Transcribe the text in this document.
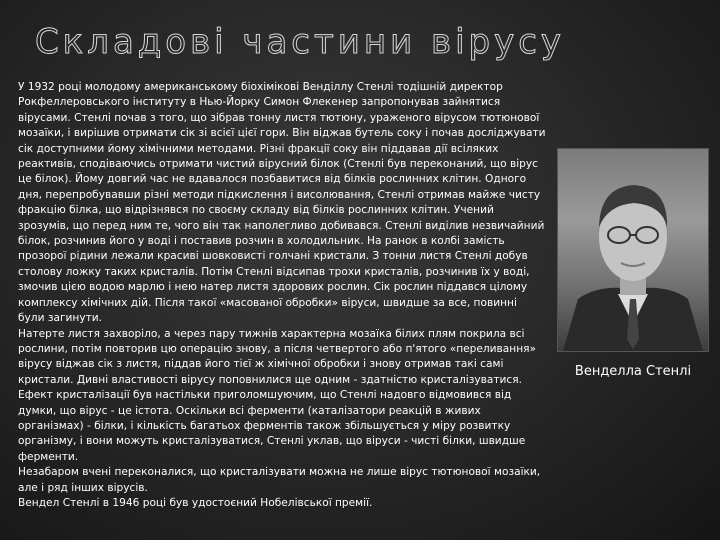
Складові частини вірусу

У 1932 році молодому американському біохімікові Венділлу Стенлі тодішній директор Рокфеллеровського інституту в Нью-Йорку Симон Флекенер запропонував зайнятися вірусами. Стенлі почав з того, що зібрав тонну листя тютюну, ураженого вірусом тютюнової мозаїки, і вирішив отримати сік зі всієї цієї гори. Він віджав бутель соку і почав досліджувати сік доступними йому хімічними методами. Різні фракції соку він піддавав дії всіляких реактивів, сподіваючись отримати чистий вірусний білок (Стенлі був переконаний, що вірус це білок). Йому довгий час не вдавалося позбавитися від білків рослинних клітин. Одного дня, перепробувавши різні методи підкислення і висолювання, Стенлі отримав майже чисту фракцію білка, що відрізнявся по своєму складу від білків рослинних клітин. Учений зрозумів, що перед ним те, чого він так наполегливо добивався. Стенлі виділив незвичайний білок, розчинив його у воді і поставив розчин в холодильник. На ранок в колбі замість прозорої рідини лежали красиві шовковисті голчані кристали. З тонни листя Стенлі добув столову ложку таких кристалів. Потім Стенлі відсипав трохи кристалів, розчинив їх у воді, змочив цією водою марлю і нею натер листя здорових рослин. Сік рослин піддався цілому комплексу хімічних дій. Після такої «масованої обробки» віруси, швидше за все, повинні були загинути.

Натерте листя захворіло, а через пару тижнів характерна мозаїка білих плям покрила всі рослини, потім повторив цю операцію знову, а після четвертого або п'ятого «переливання» вірусу віджав сік з листя, піддав його тієї ж хімічної обробки і знову отримав такі самі кристали. Дивні властивості вірусу поповнилися ще одним - здатністю кристалізуватися.

Ефект кристалізації був настільки приголомшуючим, що Стенлі надовго відмовився від думки, що вірус - це істота. Оскільки всі ферменти (каталізатори реакцій в живих організмах) - білки, і кількість багатьох ферментів також збільшується у міру розвитку організму, і вони можуть кристалізуватися, Стенлі уклав, що віруси - чисті білки, швидше ферменти.

Незабаром вчені переконалися, що кристалізувати можна не лише вірус тютюнової мозаїки, але і ряд інших вірусів.

Вендел Стенлі в 1946 році був удостоєний Нобелівської премії.

Венделла Стенлі
